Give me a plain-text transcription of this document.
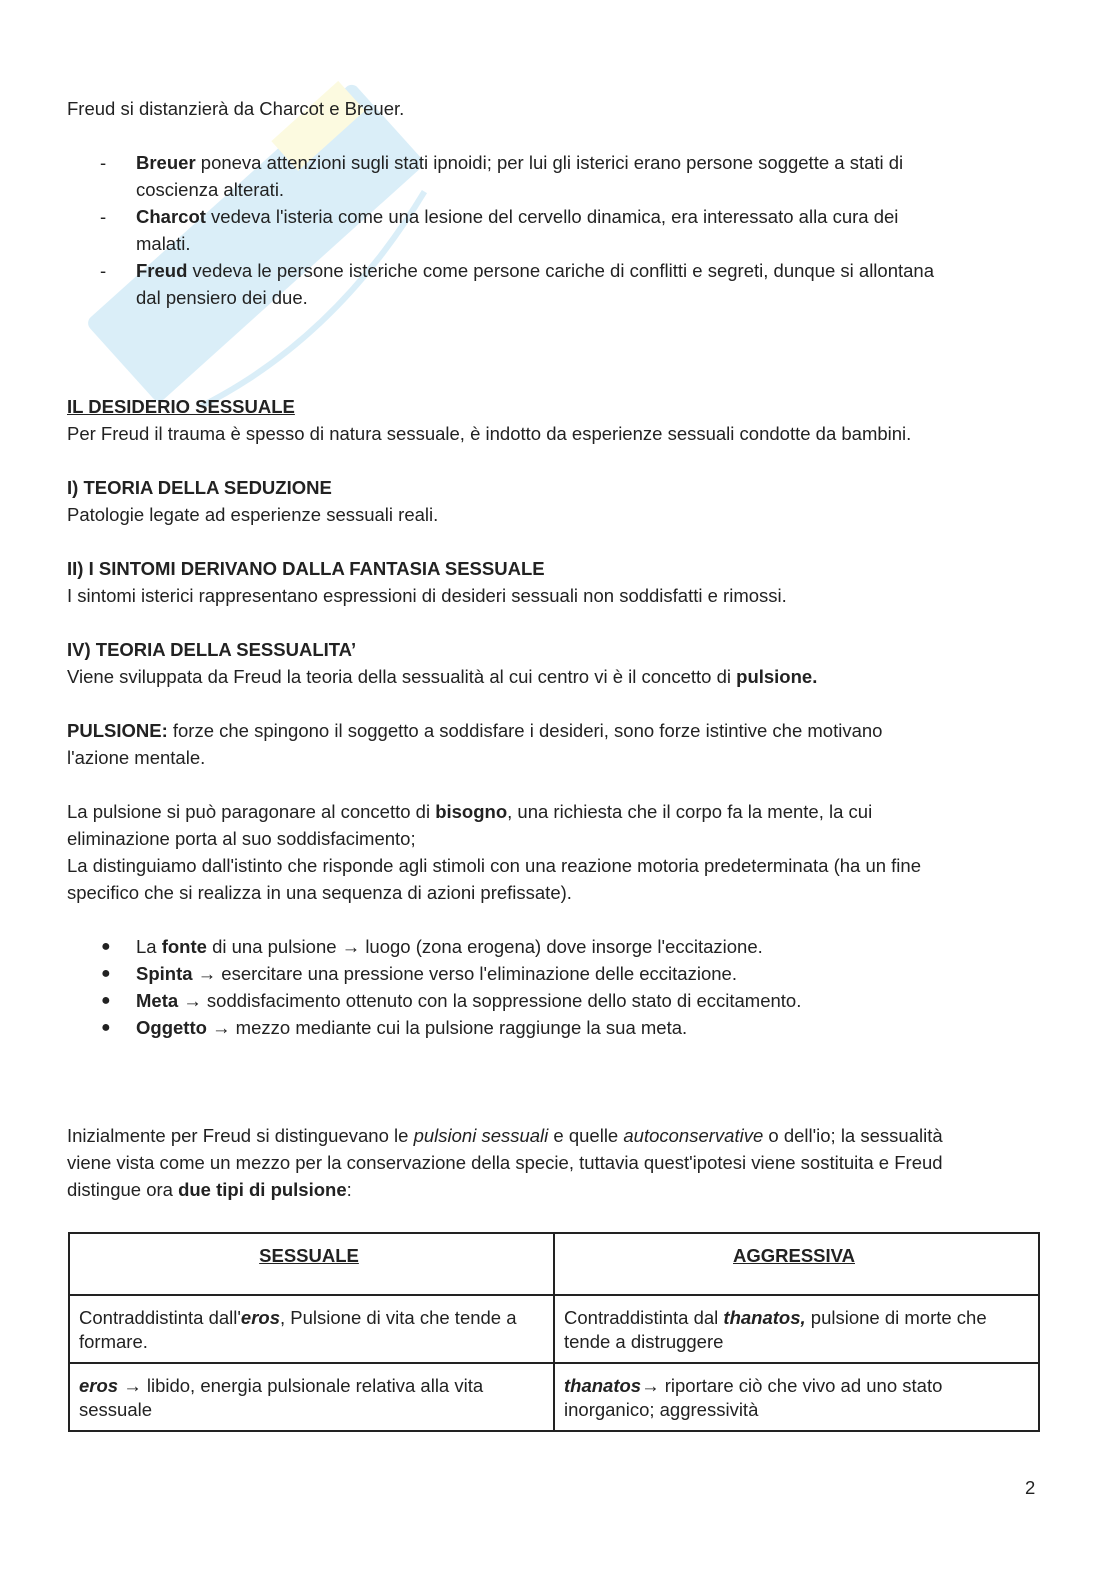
Freud si distanzierà da Charcot e Breuer.

- Breuer poneva attenzioni sugli stati ipnoidi; per lui gli isterici erano persone soggette a stati di
coscienza alterati.
- Charcot vedeva l'isteria come una lesione del cervello dinamica, era interessato alla cura dei
malati.
- Freud vedeva le persone isteriche come persone cariche di conflitti e segreti, dunque si allontana
dal pensiero dei due.

IL DESIDERIO SESSUALE

Per Freud il trauma è spesso di natura sessuale, è indotto da esperienze sessuali condotte da bambini.

I) TEORIA DELLA SEDUZIONE

Patologie legate ad esperienze sessuali reali.

II) I SINTOMI DERIVANO DALLA FANTASIA SESSUALE

I sintomi isterici rappresentano espressioni di desideri sessuali non soddisfatti e rimossi.

IV) TEORIA DELLA SESSUALITA’

Viene sviluppata da Freud la teoria della sessualità al cui centro vi è il concetto di pulsione.

PULSIONE: forze che spingono il soggetto a soddisfare i desideri, sono forze istintive che motivano
l'azione mentale.

La pulsione si può paragonare al concetto di bisogno, una richiesta che il corpo fa la mente, la cui
eliminazione porta al suo soddisfacimento;
La distinguiamo dall'istinto che risponde agli stimoli con una reazione motoria predeterminata (ha un fine
specifico che si realizza in una sequenza di azioni prefissate).

● La fonte di una pulsione → luogo (zona erogena) dove insorge l'eccitazione.
● Spinta → esercitare una pressione verso l'eliminazione delle eccitazione.
● Meta → soddisfacimento ottenuto con la soppressione dello stato di eccitamento.
● Oggetto → mezzo mediante cui la pulsione raggiunge la sua meta.

Inizialmente per Freud si distinguevano le pulsioni sessuali e quelle autoconservative o dell'io; la sessualità
viene vista come un mezzo per la conservazione della specie, tuttavia quest'ipotesi viene sostituita e Freud
distingue ora due tipi di pulsione:

SESSUALE	AGGRESSIVA
Contraddistinta dall'eros, Pulsione di vita che tende a formare.	Contraddistinta dal thanatos, pulsione di morte che tende a distruggere
eros → libido, energia pulsionale relativa alla vita sessuale	thanatos→ riportare ciò che vivo ad uno stato inorganico; aggressività

2
